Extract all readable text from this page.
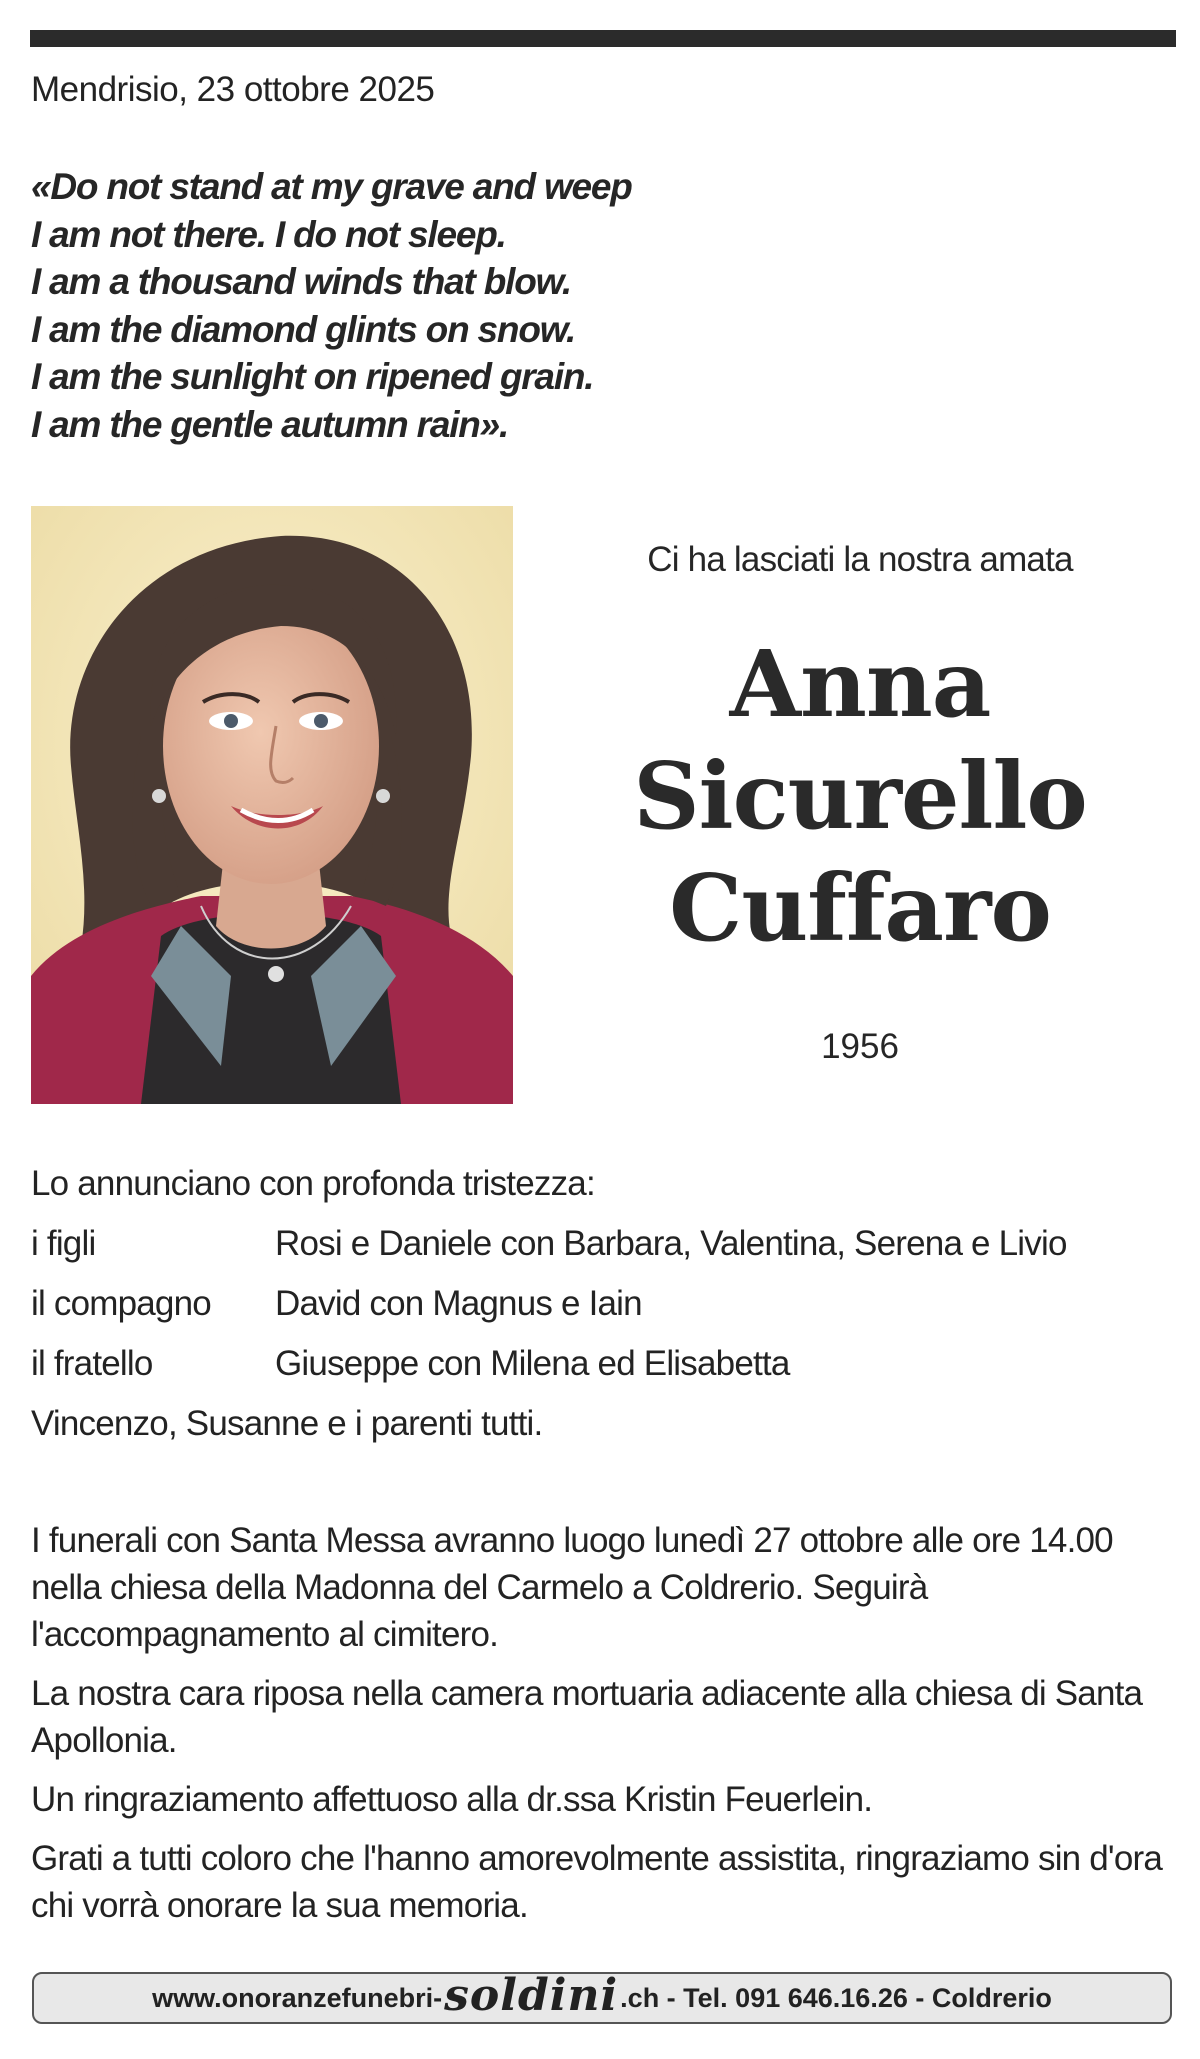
Mendrisio, 23 ottobre 2025
«Do not stand at my grave and weep
I am not there. I do not sleep.
I am a thousand winds that blow.
I am the diamond glints on snow.
I am the sunlight on ripened grain.
I am the gentle autumn rain».
Ci ha lasciati la nostra amata
Anna
Sicurello
Cuffaro
1956
Lo annunciano con profonda tristezza:
i figli	Rosi e Daniele con Barbara, Valentina, Serena e Livio
il compagno	David con Magnus e Iain
il fratello	Giuseppe con Milena ed Elisabetta
Vincenzo, Susanne e i parenti tutti.

I funerali con Santa Messa avranno luogo lunedì 27 ottobre alle ore 14.00 nella chiesa della Madonna del Carmelo a Coldrerio. Seguirà l'accompagnamento al cimitero.

La nostra cara riposa nella camera mortuaria adiacente alla chiesa di Santa Apollonia.

Un ringraziamento affettuoso alla dr.ssa Kristin Feuerlein.

Grati a tutti coloro che l'hanno amorevolmente assistita, ringraziamo sin d'ora chi vorrà onorare la sua memoria.

www.onoranzefunebri- soldini .ch - Tel. 091 646.16.26 - Coldrerio
